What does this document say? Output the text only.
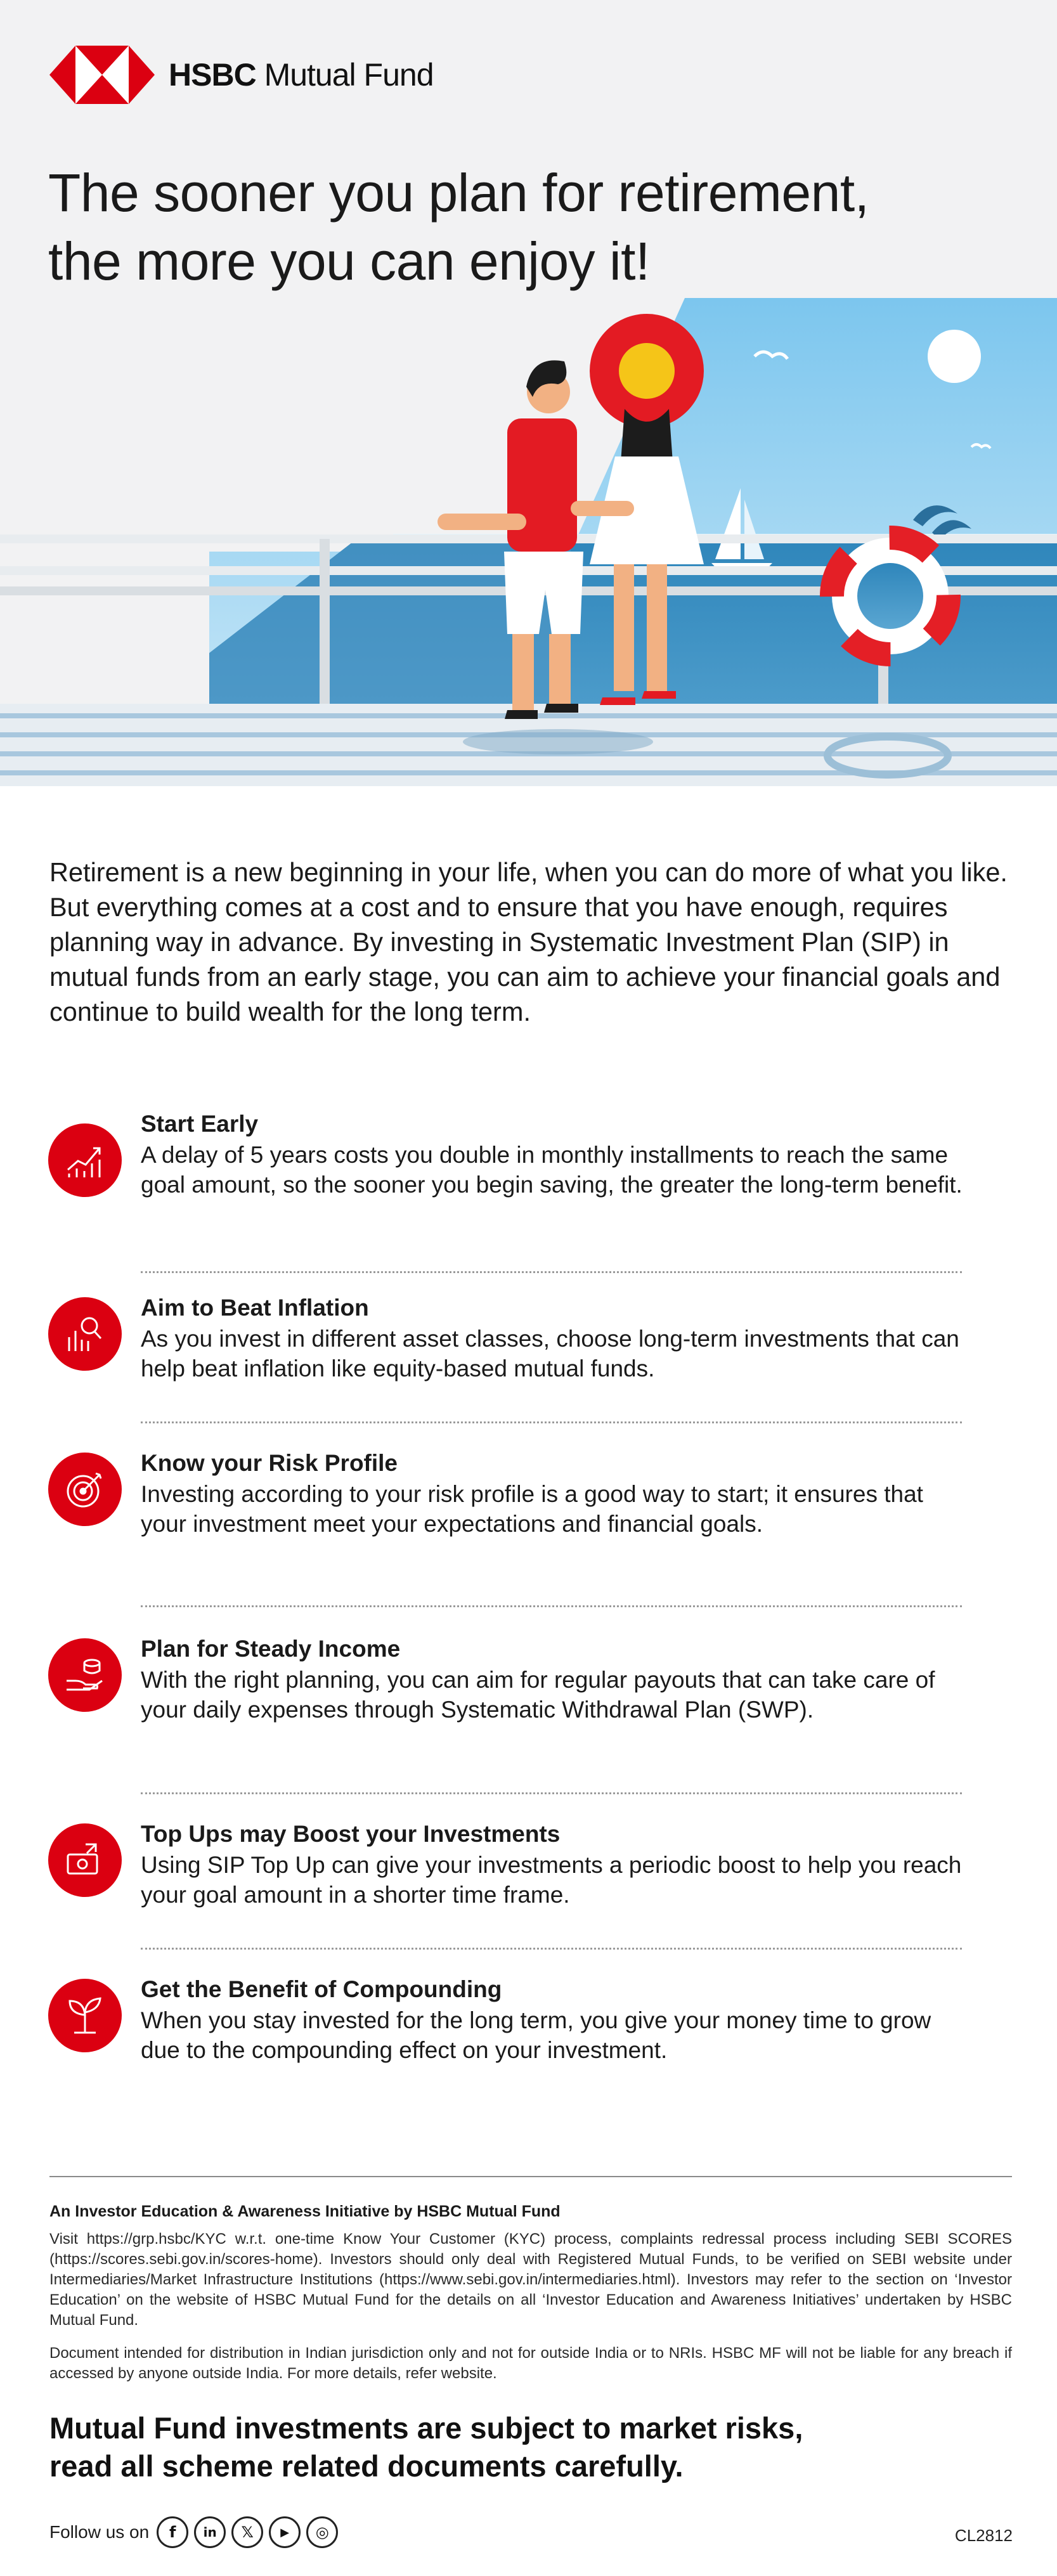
HSBC Mutual Fund
The sooner you plan for retirement,
the more you can enjoy it!

Retirement is a new beginning in your life, when you can do more of what you like. But everything comes at a cost and to ensure that you have enough, requires planning way in advance. By investing in Systematic Investment Plan (SIP) in mutual funds from an early stage, you can aim to achieve your financial goals and continue to build wealth for the long term.

Start Early
A delay of 5 years costs you double in monthly installments to reach the same goal amount, so the sooner you begin saving, the greater the long-term benefit.
Aim to Beat Inflation
As you invest in different asset classes, choose long-term investments that can help beat inflation like equity-based mutual funds.
Know your Risk Profile
Investing according to your risk profile is a good way to start; it ensures that your investment meet your expectations and financial goals.
Plan for Steady Income
With the right planning, you can aim for regular payouts that can take care of your daily expenses through Systematic Withdrawal Plan (SWP).
Top Ups may Boost your Investments
Using SIP Top Up can give your investments a periodic boost to help you reach your goal amount in a shorter time frame.
Get the Benefit of Compounding
When you stay invested for the long term, you give your money time to grow due to the compounding effect on your investment.
An Investor Education & Awareness Initiative by HSBC Mutual Fund

Visit https://grp.hsbc/KYC w.r.t. one-time Know Your Customer (KYC) process, complaints redressal process including SEBI SCORES (https://scores.sebi.gov.in/scores-home). Investors should only deal with Registered Mutual Funds, to be verified on SEBI website under Intermediaries/Market Infrastructure Institutions (https://www.sebi.gov.in/intermediaries.html). Investors may refer to the section on ‘Investor Education’ on the website of HSBC Mutual Fund for the details on all ‘Investor Education and Awareness Initiatives’ undertaken by HSBC Mutual Fund.

Document intended for distribution in Indian jurisdiction only and not for outside India or to NRIs. HSBC MF will not be liable for any breach if accessed by anyone outside India. For more details, refer website.

Mutual Fund investments are subject to market risks,
read all scheme related documents carefully.
Follow us on	f	in	𝕏	▶	◎	CL2812
